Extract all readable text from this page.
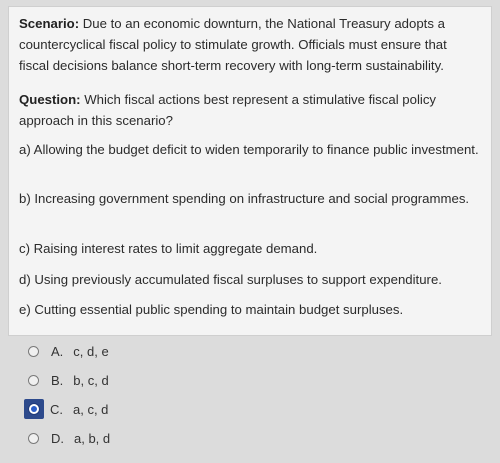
Scenario: Due to an economic downturn, the National Treasury adopts a countercyclical fiscal policy to stimulate growth. Officials must ensure that fiscal decisions balance short-term recovery with long-term sustainability.

Question: Which fiscal actions best represent a stimulative fiscal policy approach in this scenario?

a) Allowing the budget deficit to widen temporarily to finance public investment.

b) Increasing government spending on infrastructure and social programmes.

c) Raising interest rates to limit aggregate demand.

d) Using previously accumulated fiscal surpluses to support expenditure.

e) Cutting essential public spending to maintain budget surpluses.

A. c, d, e
B. b, c, d
C. a, c, d
D. a, b, d
